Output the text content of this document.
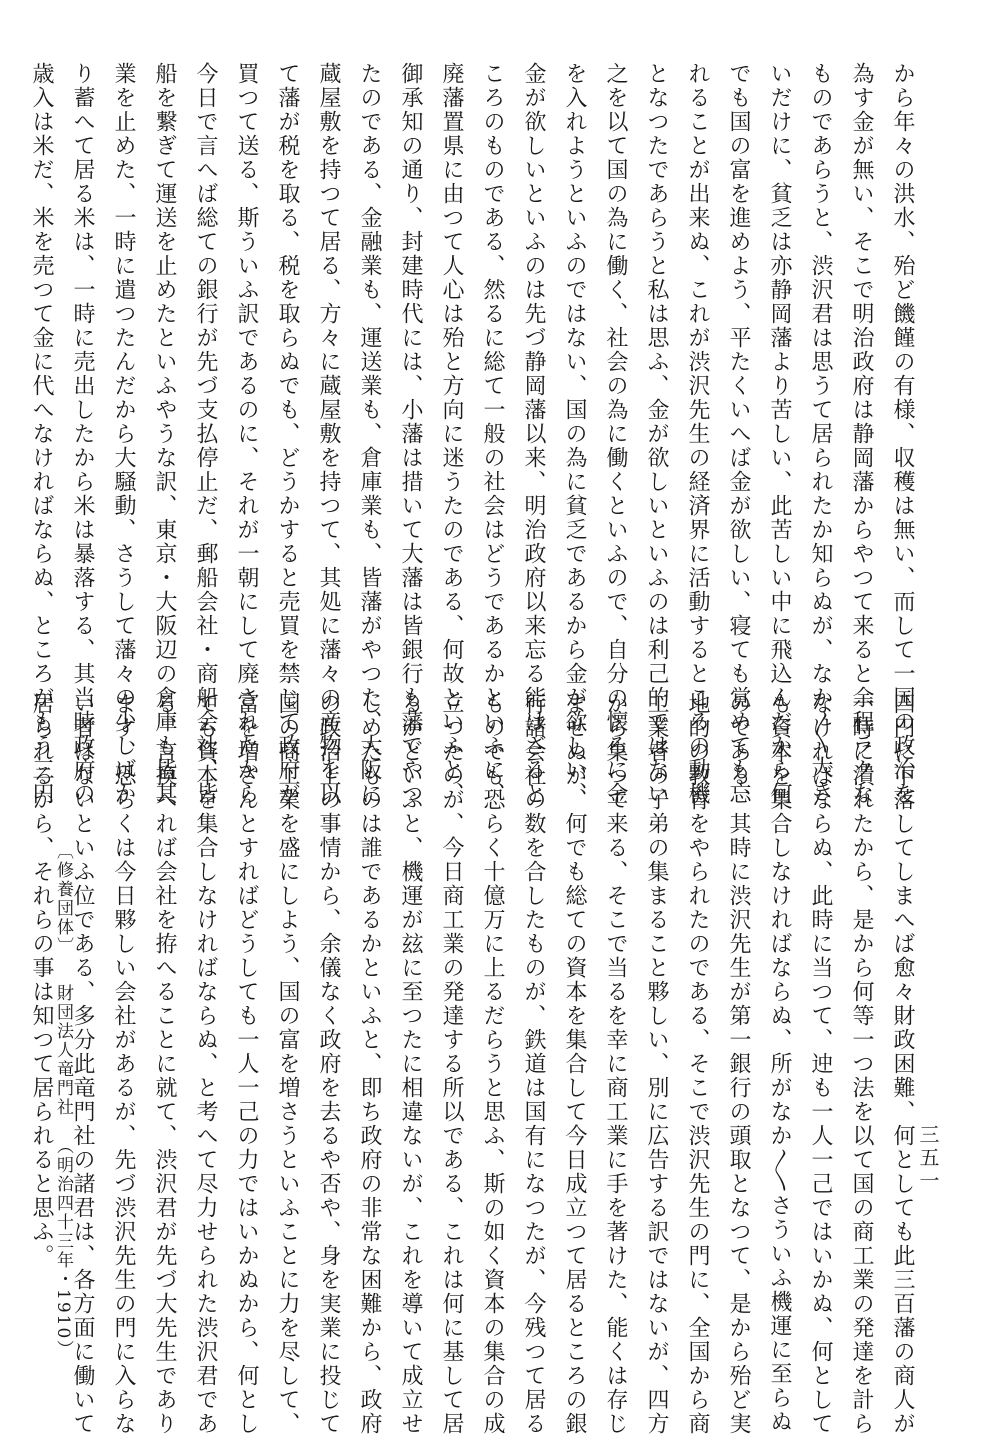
から年々の洪水、殆ど饑饉の有様、収穫は無い、而して一国の政治を
為す金が無い、そこで明治政府は静岡藩からやつて来ると余程ラクな
ものであらうと、渋沢君は思うて居られたか知らぬが、なか〳〵大き
いだけに、貧乏は亦静岡藩より苦しい、此苦しい中に飛込んだから何
でも国の富を進めよう、平たくいへば金が欲しい、寝ても覚めても忘
れることが出来ぬ、これが渋沢先生の経済界に活動するところの動機
となつたであらうと私は思ふ、金が欲しいといふのは利己的ではない
之を以て国の為に働く、社会の為に働くといふので、自分の懐ろに金
を入れようといふのではない、国の為に貧乏であるから金が欲しい、
金が欲しいといふのは先づ静岡藩以来、明治政府以来忘る能はざると
ころのものである、然るに総て一般の社会はどうであるかといふに、
廃藩置県に由つて人心は殆と方向に迷うたのである、何故といふと、
御承知の通り、封建時代には、小藩は措いて大藩は皆銀行も藩でやつ
たのである、金融業も、運送業も、倉庫業も、皆藩がやつた、大阪に
蔵屋敷を持つて居る、方々に蔵屋敷を持つて、其処に藩々の産物を以
て藩が税を取る、税を取らぬでも、どうかすると売買を禁じて政府が
買つて送る、斯ういふ訳であるのに、それが一朝にして廃されたから
今日で言へば総ての銀行が先づ支払停止だ、郵船会社・商船会社、皆
船を繋ぎて運送を止めたといふやうな訳、東京・大阪辺の倉庫も皆其
業を止めた、一時に遣つたんだから大騒動、さうして藩々の少しばか
り蓄へて居る米は、一時に売出したから米は暴落する、其当時政府の
歳入は米だ、米を売つて金に代へなければならぬ、ところがもう三円
四円に下落してしまへば愈々財政困難、何としても此三百藩の商人が
一時に潰れたから、是から何等一つ法を以て国の商工業の発達を計ら
なければならぬ、此時に当つて、迚も一人一己ではいかぬ、何として
も資本を集合しなければならぬ、所がなか〳〵さういふ機運に至らぬ
のである、其時に渋沢先生が第一銀行の頭取となつて、是から殆ど実
地的の教育をやられたのである、そこで渋沢先生の門に、全国から商
工業者の子弟の集まること夥しい、別に広告する訳ではないが、四方
から集つて来る、そこで当るを幸に商工業に手を著けた、能くは存じ
ませぬが、何でも総ての資本を集合して今日成立つて居るところの銀
行諸会社の数を合したものが、鉄道は国有になつたが、今残つて居る
ものでも恐らく十億万に上るだらうと思ふ、斯の如く資本の集合の成
立つたのが、今日商工業の発達する所以である、これは何に基して居
るかといふと、機運が玆に至つたに相違ないが、これを導いて成立せ
しめたものは誰であるかといふと、即ち政府の非常な困難から、政府
の政治上の事情から、余儀なく政府を去るや否や、身を実業に投じて
国の商工業を盛にしよう、国の富を増さうといふことに力を尽して、
富を増さんとすればどうしても一人一己の力ではいかぬから、何とし
ても資本を集合しなければならぬ、と考へて尽力せられた渋沢君であ
る、言換へれば会社を拵へることに就て、渋沢君が先づ大先生であり
ます、恐らくは今日夥しい会社があるが、先づ渋沢先生の門に入らな
い者はないといふ位である、多分此竜門社の諸君は、各方面に働いて
居られるから、それらの事は知つて居られると思ふ。 〔修養団体〕財団法人竜門社（明治四十三年・1910）	三五一
